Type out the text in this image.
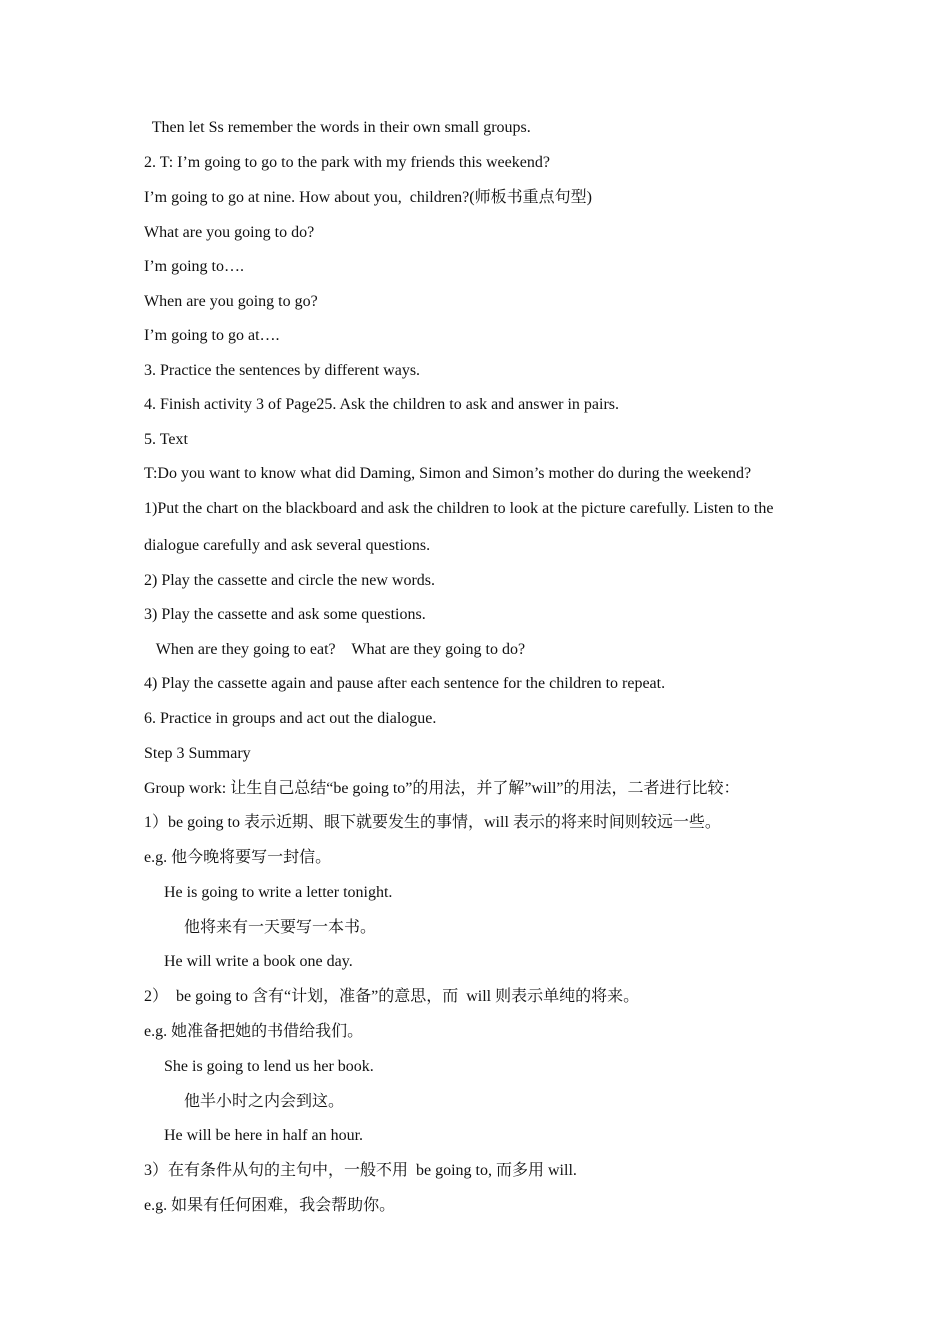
Then let Ss remember the words in their own small groups.

2. T: I’m going to go to the park with my friends this weekend?

I’m going to go at nine. How about you,  children?(师板书重点句型)

What are you going to do?

I’m going to….

When are you going to go?

I’m going to go at….

3. Practice the sentences by different ways.

4. Finish activity 3 of Page25. Ask the children to ask and answer in pairs.

5. Text

T:Do you want to know what did Daming, Simon and Simon’s mother do during the weekend?

1)Put the chart on the blackboard and ask the children to look at the picture carefully. Listen to the

dialogue carefully and ask several questions.

2) Play the cassette and circle the new words.

3) Play the cassette and ask some questions.

When are they going to eat?    What are they going to do?

4) Play the cassette again and pause after each sentence for the children to repeat.

6. Practice in groups and act out the dialogue.

Step 3 Summary

Group work: 让生自己总结“be going to”的用法，并了解”will”的用法，二者进行比较：

1）be going to 表示近期、眼下就要发生的事情，will 表示的将来时间则较远一些。

e.g. 他今晚将要写一封信。

He is going to write a letter tonight.

他将来有一天要写一本书。

He will write a book one day.

2）  be going to 含有“计划，准备”的意思，而  will 则表示单纯的将来。

e.g. 她准备把她的书借给我们。

She is going to lend us her book.

他半小时之内会到这。

He will be here in half an hour.

3）在有条件从句的主句中，一般不用  be going to, 而多用 will.

e.g. 如果有任何困难，我会帮助你。
